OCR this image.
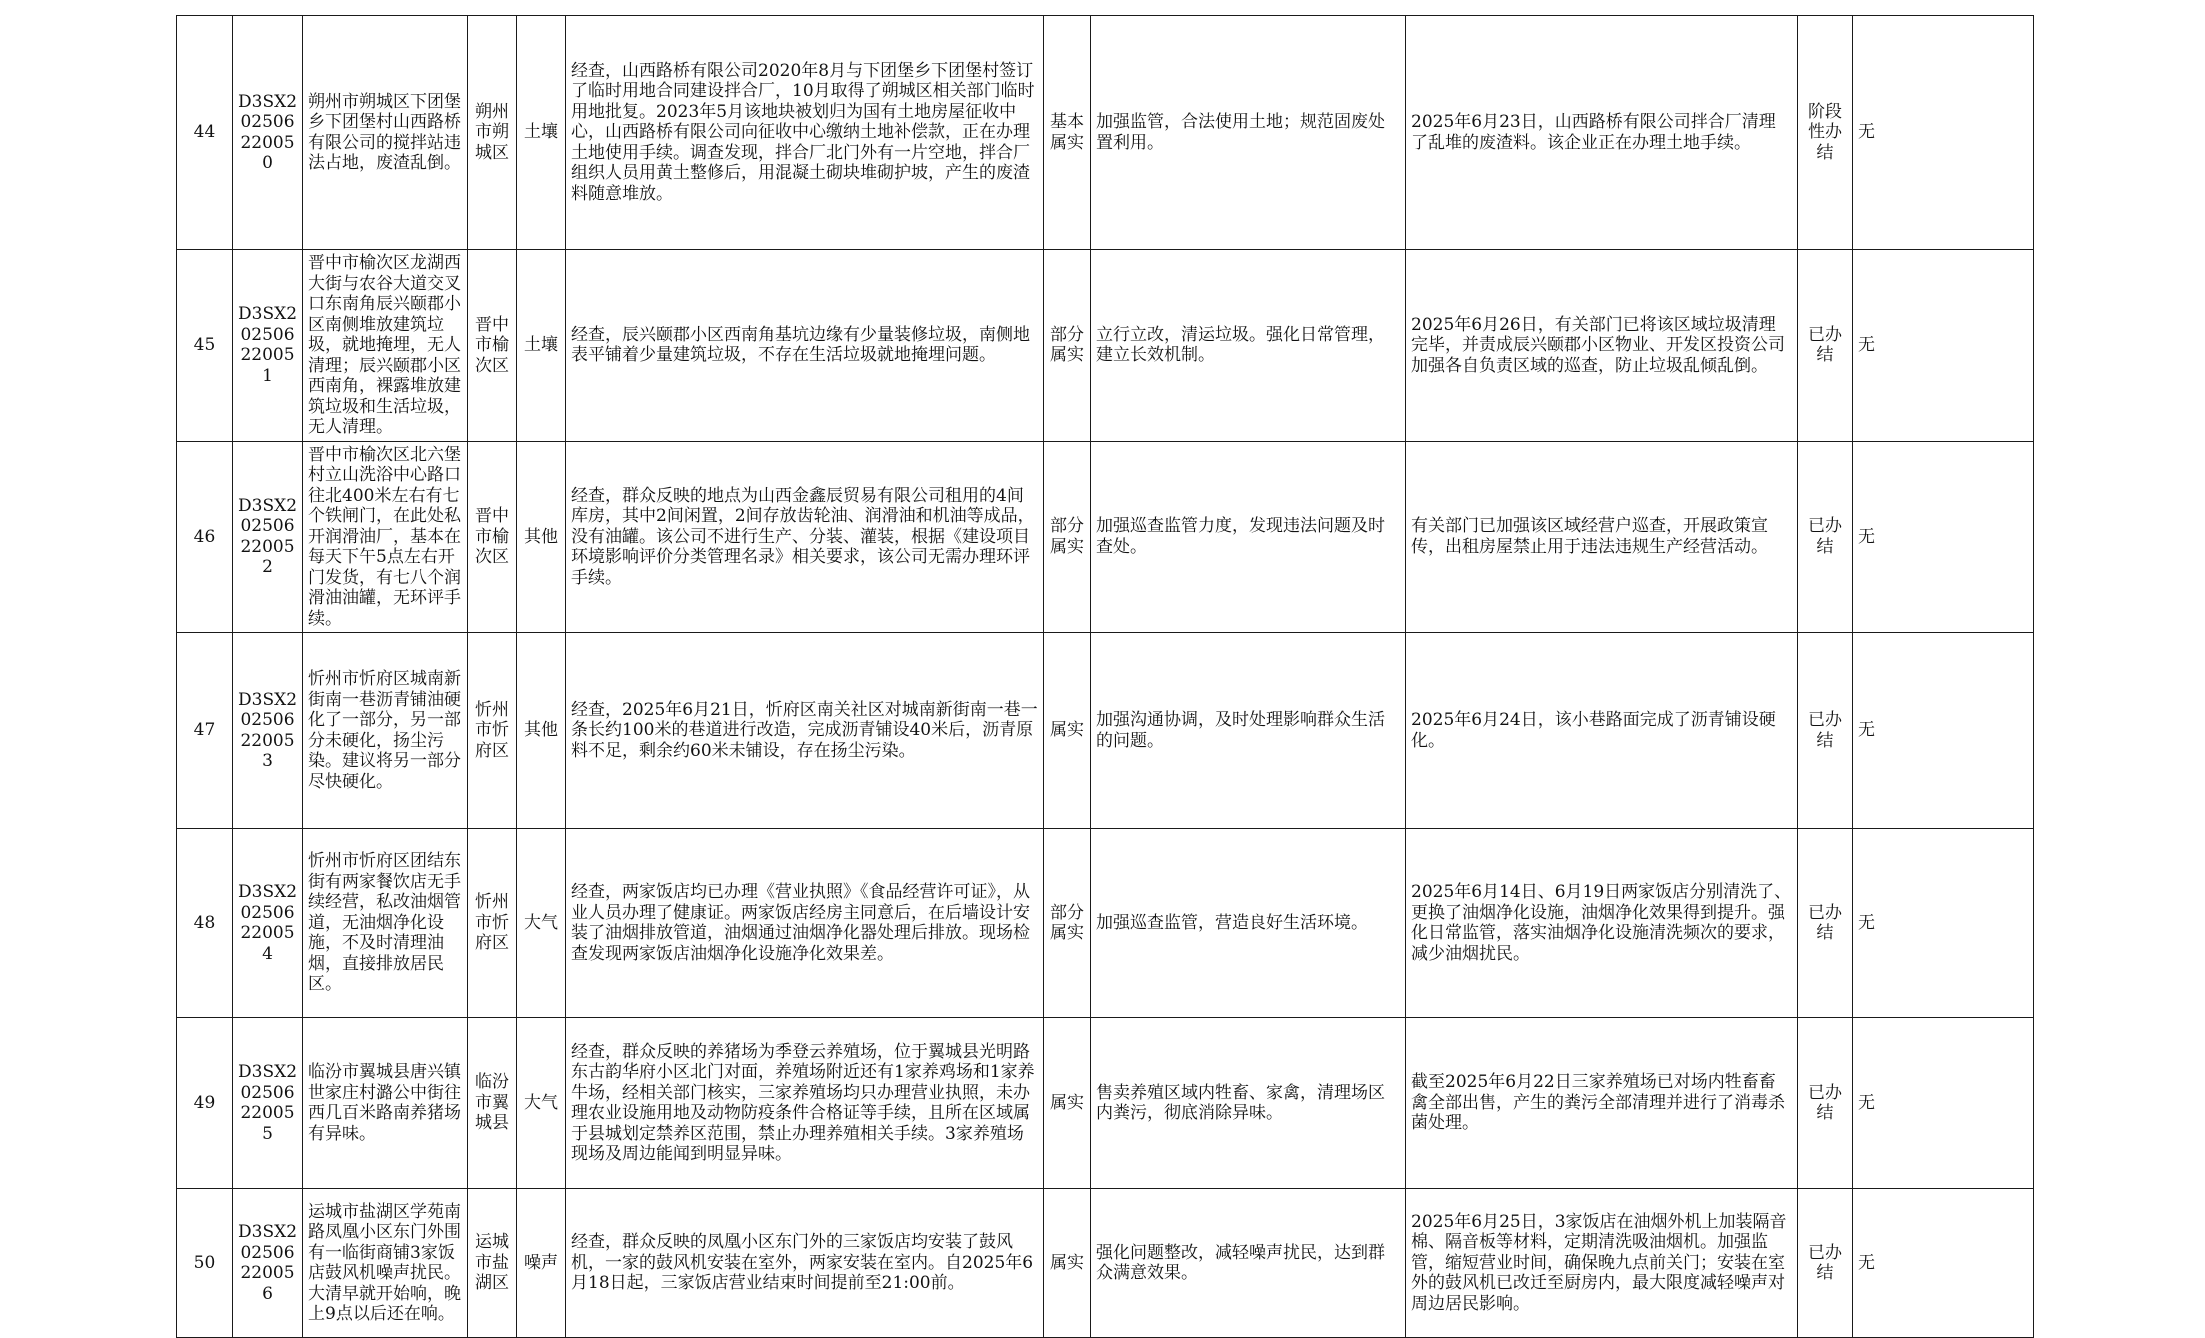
44	D3SX202506220050	朔州市朔城区下团堡乡下团堡村山西路桥有限公司的搅拌站违法占地，废渣乱倒。	朔州市朔城区	土壤	经查，山西路桥有限公司2020年8月与下团堡乡下团堡村签订了临时用地合同建设拌合厂，10月取得了朔城区相关部门临时用地批复。2023年5月该地块被划归为国有土地房屋征收中心，山西路桥有限公司向征收中心缴纳土地补偿款，正在办理土地使用手续。调查发现，拌合厂北门外有一片空地，拌合厂组织人员用黄土整修后，用混凝土砌块堆砌护坡，产生的废渣料随意堆放。	基本属实	加强监管，合法使用土地；规范固废处置利用。	2025年6月23日，山西路桥有限公司拌合厂清理了乱堆的废渣料。该企业正在办理土地手续。	阶段性办结	无
45	D3SX202506220051	晋中市榆次区龙湖西大街与农谷大道交叉口东南角辰兴颐郡小区南侧堆放建筑垃圾，就地掩埋，无人清理；辰兴颐郡小区西南角，裸露堆放建筑垃圾和生活垃圾，无人清理。	晋中市榆次区	土壤	经查，辰兴颐郡小区西南角基坑边缘有少量装修垃圾，南侧地表平铺着少量建筑垃圾，不存在生活垃圾就地掩埋问题。	部分属实	立行立改，清运垃圾。强化日常管理，建立长效机制。	2025年6月26日，有关部门已将该区域垃圾清理完毕，并责成辰兴颐郡小区物业、开发区投资公司加强各自负责区域的巡查，防止垃圾乱倾乱倒。	已办结	无
46	D3SX202506220052	晋中市榆次区北六堡村立山洗浴中心路口往北400米左右有七个铁闸门，在此处私开润滑油厂，基本在每天下午5点左右开门发货，有七八个润滑油油罐，无环评手续。	晋中市榆次区	其他	经查，群众反映的地点为山西金鑫辰贸易有限公司租用的4间库房，其中2间闲置，2间存放齿轮油、润滑油和机油等成品，没有油罐。该公司不进行生产、分装、灌装，根据《建设项目环境影响评价分类管理名录》相关要求，该公司无需办理环评手续。	部分属实	加强巡查监管力度，发现违法问题及时查处。	有关部门已加强该区域经营户巡查，开展政策宣传，出租房屋禁止用于违法违规生产经营活动。	已办结	无
47	D3SX202506220053	忻州市忻府区城南新街南一巷沥青铺油硬化了一部分，另一部分未硬化，扬尘污染。建议将另一部分尽快硬化。	忻州市忻府区	其他	经查，2025年6月21日，忻府区南关社区对城南新街南一巷一条长约100米的巷道进行改造，完成沥青铺设40米后，沥青原料不足，剩余约60米未铺设，存在扬尘污染。	属实	加强沟通协调，及时处理影响群众生活的问题。	2025年6月24日，该小巷路面完成了沥青铺设硬化。	已办结	无
48	D3SX202506220054	忻州市忻府区团结东街有两家餐饮店无手续经营，私改油烟管道，无油烟净化设施，不及时清理油烟，直接排放居民区。	忻州市忻府区	大气	经查，两家饭店均已办理《营业执照》《食品经营许可证》，从业人员办理了健康证。两家饭店经房主同意后，在后墙设计安装了油烟排放管道，油烟通过油烟净化器处理后排放。现场检查发现两家饭店油烟净化设施净化效果差。	部分属实	加强巡查监管，营造良好生活环境。	2025年6月14日、6月19日两家饭店分别清洗了、更换了油烟净化设施，油烟净化效果得到提升。强化日常监管，落实油烟净化设施清洗频次的要求，减少油烟扰民。	已办结	无
49	D3SX202506220055	临汾市翼城县唐兴镇世家庄村潞公中街往西几百米路南养猪场有异味。	临汾市翼城县	大气	经查，群众反映的养猪场为季登云养殖场，位于翼城县光明路东古韵华府小区北门对面，养殖场附近还有1家养鸡场和1家养牛场，经相关部门核实，三家养殖场均只办理营业执照，未办理农业设施用地及动物防疫条件合格证等手续，且所在区域属于县城划定禁养区范围，禁止办理养殖相关手续。3家养殖场现场及周边能闻到明显异味。	属实	售卖养殖区域内牲畜、家禽，清理场区内粪污，彻底消除异味。	截至2025年6月22日三家养殖场已对场内牲畜畜禽全部出售，产生的粪污全部清理并进行了消毒杀菌处理。	已办结	无
50	D3SX202506220056	运城市盐湖区学苑南路凤凰小区东门外围有一临街商铺3家饭店鼓风机噪声扰民。大清早就开始响，晚上9点以后还在响。	运城市盐湖区	噪声	经查，群众反映的凤凰小区东门外的三家饭店均安装了鼓风机，一家的鼓风机安装在室外，两家安装在室内。自2025年6月18日起，三家饭店营业结束时间提前至21:00前。	属实	强化问题整改，减轻噪声扰民，达到群众满意效果。	2025年6月25日，3家饭店在油烟外机上加装隔音棉、隔音板等材料，定期清洗吸油烟机。加强监管，缩短营业时间，确保晚九点前关门；安装在室外的鼓风机已改迁至厨房内，最大限度减轻噪声对周边居民影响。	已办结	无
